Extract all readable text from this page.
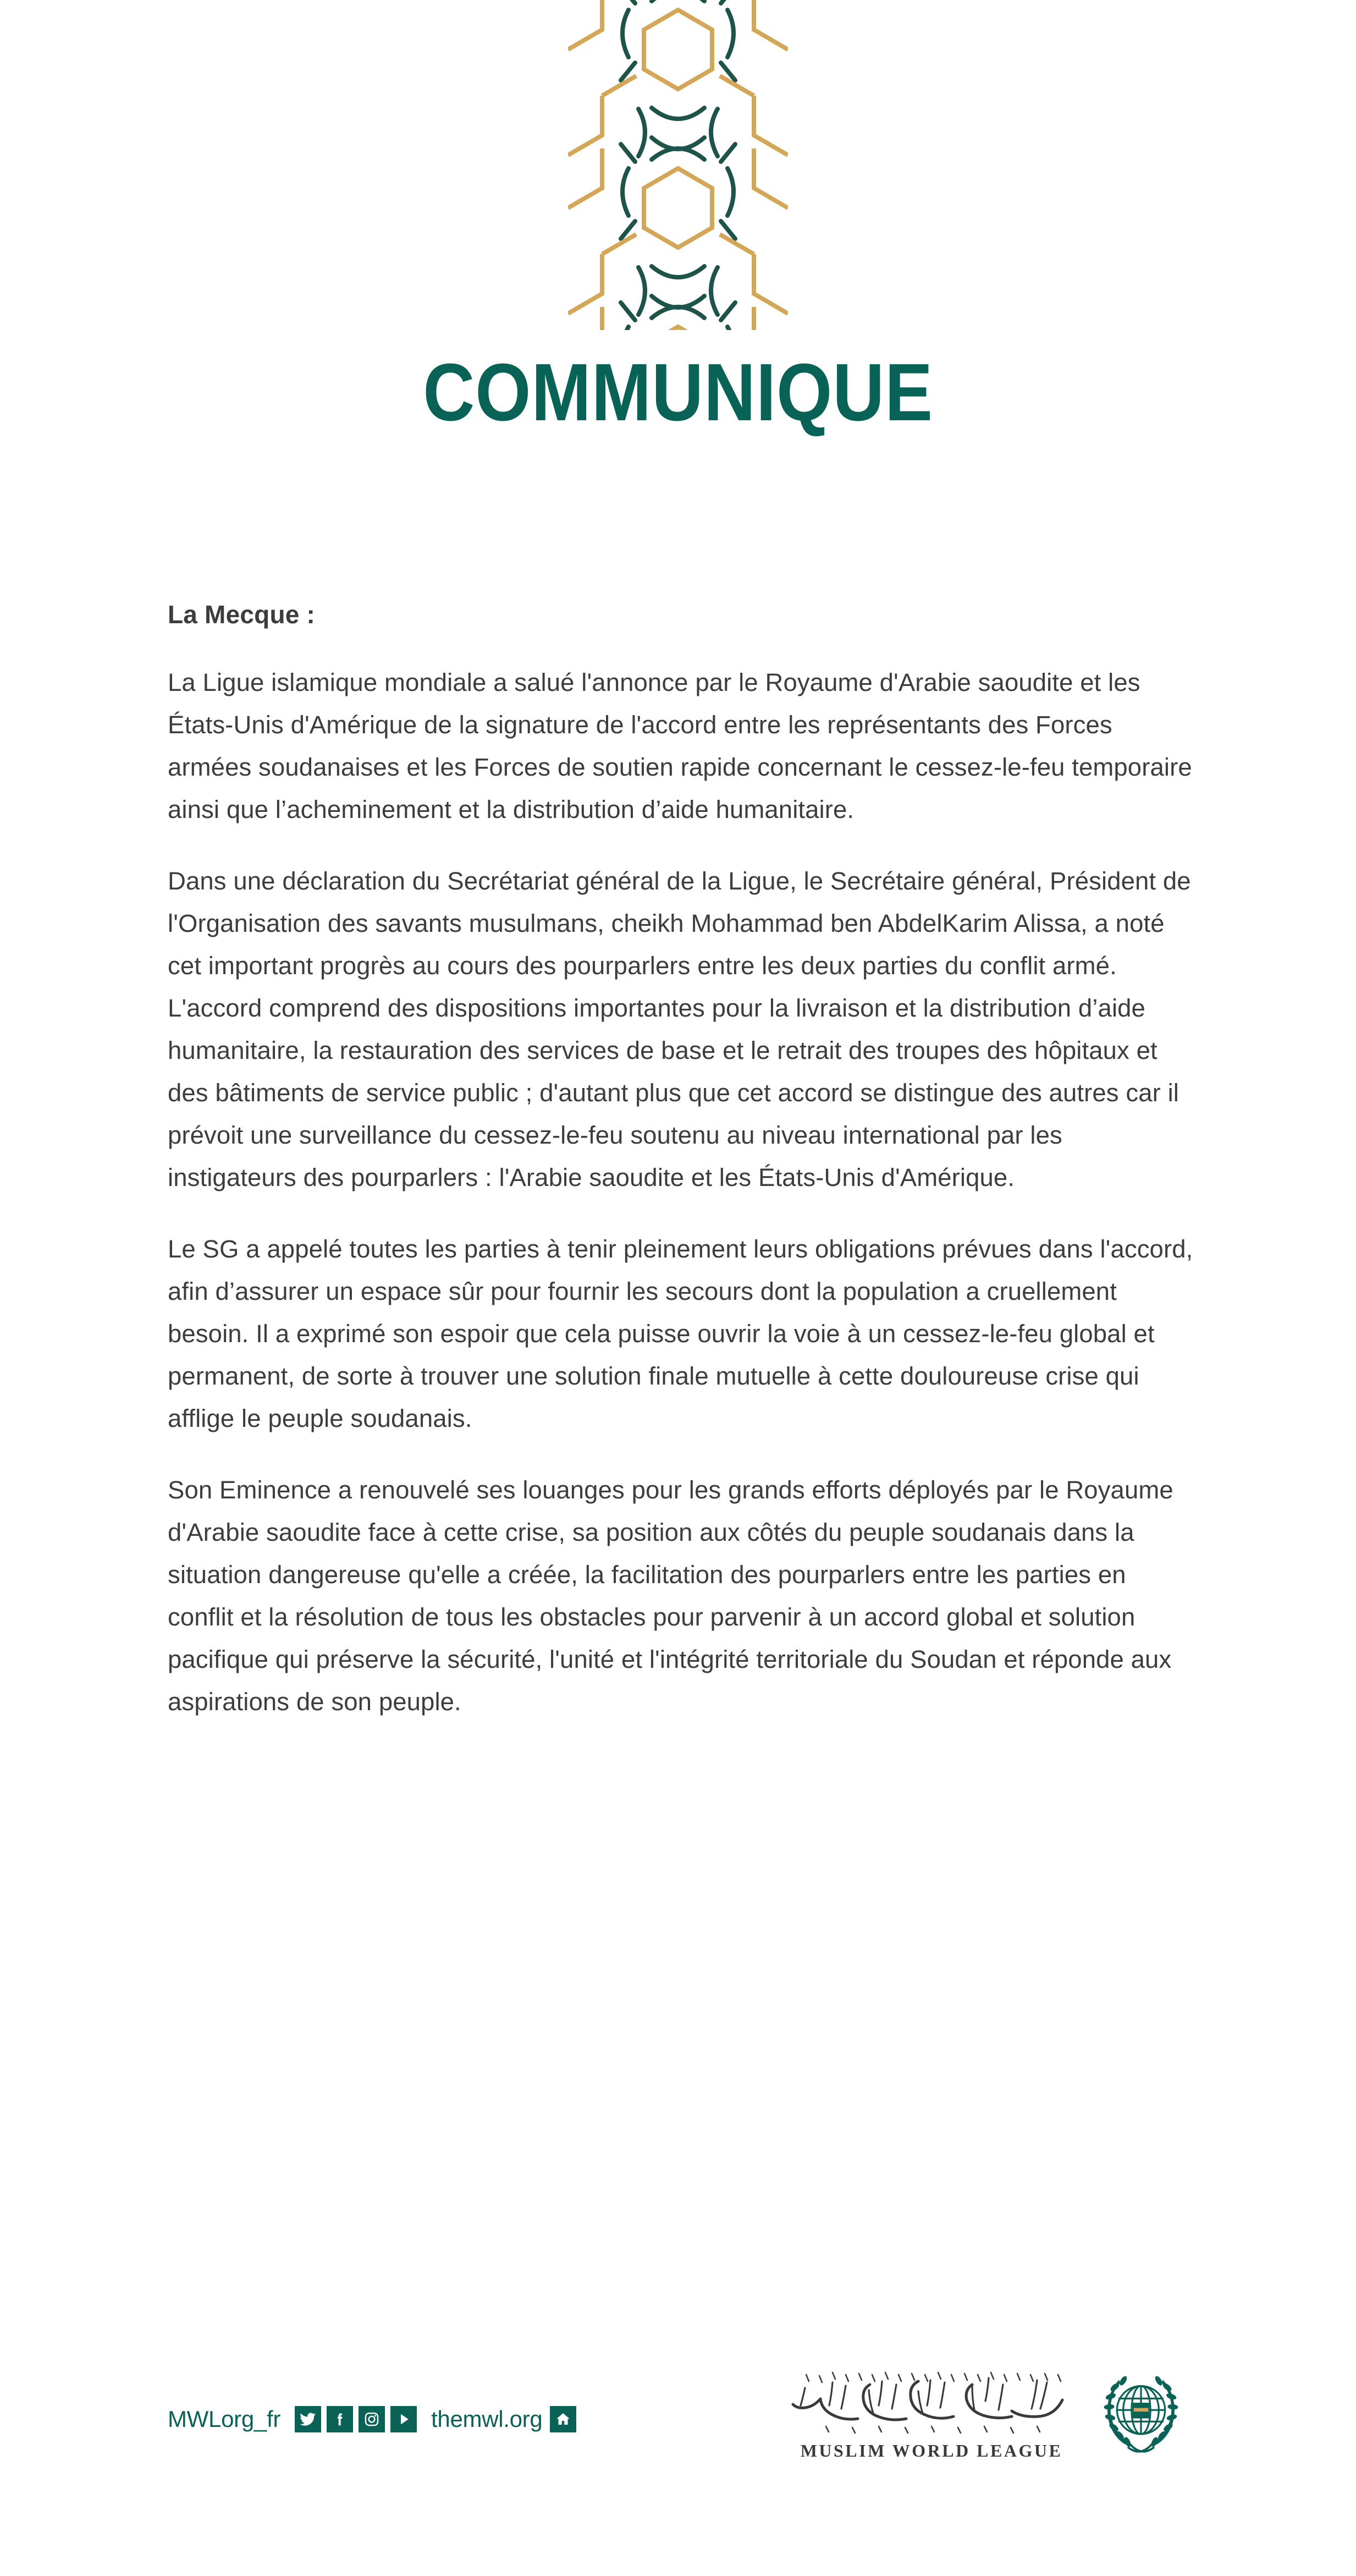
COMMUNIQUE

La Mecque :

La Ligue islamique mondiale a salué l'annonce par le Royaume d'Arabie saoudite et les États-Unis d'Amérique de la signature de l'accord entre les représentants des Forces armées soudanaises et les Forces de soutien rapide concernant le cessez-le-feu temporaire ainsi que l’acheminement et la distribution d’aide humanitaire.

Dans une déclaration du Secrétariat général de la Ligue, le Secrétaire général, Président de l'Organisation des savants musulmans, cheikh Mohammad ben AbdelKarim Alissa, a noté cet important progrès au cours des pourparlers entre les deux parties du conflit armé. L'accord comprend des dispositions importantes pour la livraison et la distribution d’aide humanitaire, la restauration des services de base et le retrait des troupes des hôpitaux et des bâtiments de service public ; d'autant plus que cet accord se distingue des autres car il prévoit une surveillance du cessez-le-feu soutenu au niveau international par les instigateurs des pourparlers : l'Arabie saoudite et les États-Unis d'Amérique.

Le SG a appelé toutes les parties à tenir pleinement leurs obligations prévues dans l'accord, afin d’assurer un espace sûr pour fournir les secours dont la population a cruellement besoin. Il a exprimé son espoir que cela puisse ouvrir la voie à un cessez-le-feu global et permanent, de sorte à trouver une solution finale mutuelle à cette douloureuse crise qui afflige le peuple soudanais.

Son Eminence a renouvelé ses louanges pour les grands efforts déployés par le Royaume d'Arabie saoudite face à cette crise, sa position aux côtés du peuple soudanais dans la situation dangereuse qu'elle a créée, la facilitation des pourparlers entre les parties en conflit et la résolution de tous les obstacles pour parvenir à un accord global et solution pacifique qui préserve la sécurité, l'unité et l'intégrité territoriale du Soudan et réponde aux aspirations de son peuple.

MWLorg_fr	themwl.org
MUSLIM WORLD LEAGUE
